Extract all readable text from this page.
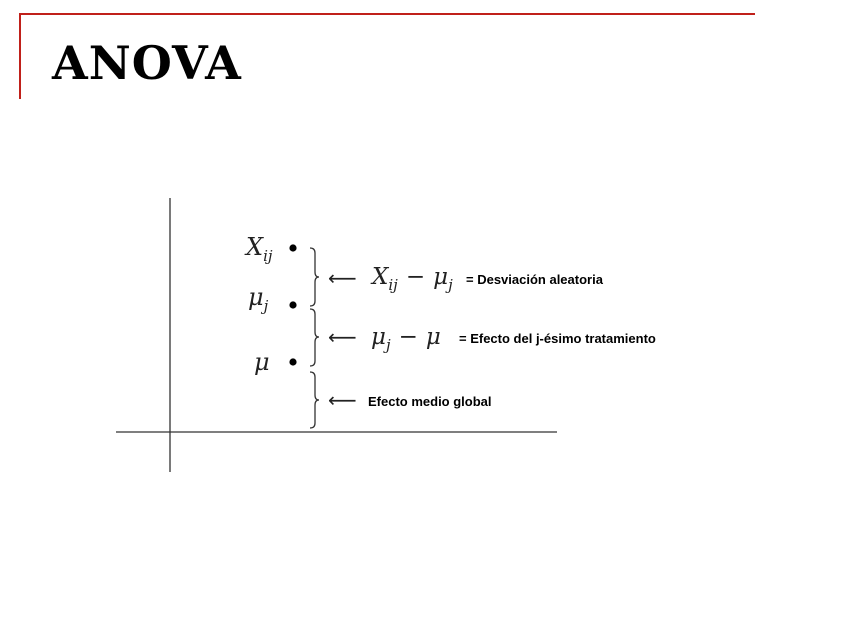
ANOVA
$X_{ij}$
$\mu_j$
μ
⟵ $X_{ij} - \mu_j$ = Desviación aleatoria
⟵ $\mu_j - \mu$ = Efecto del j-ésimo tratamiento
⟵ Efecto medio global
